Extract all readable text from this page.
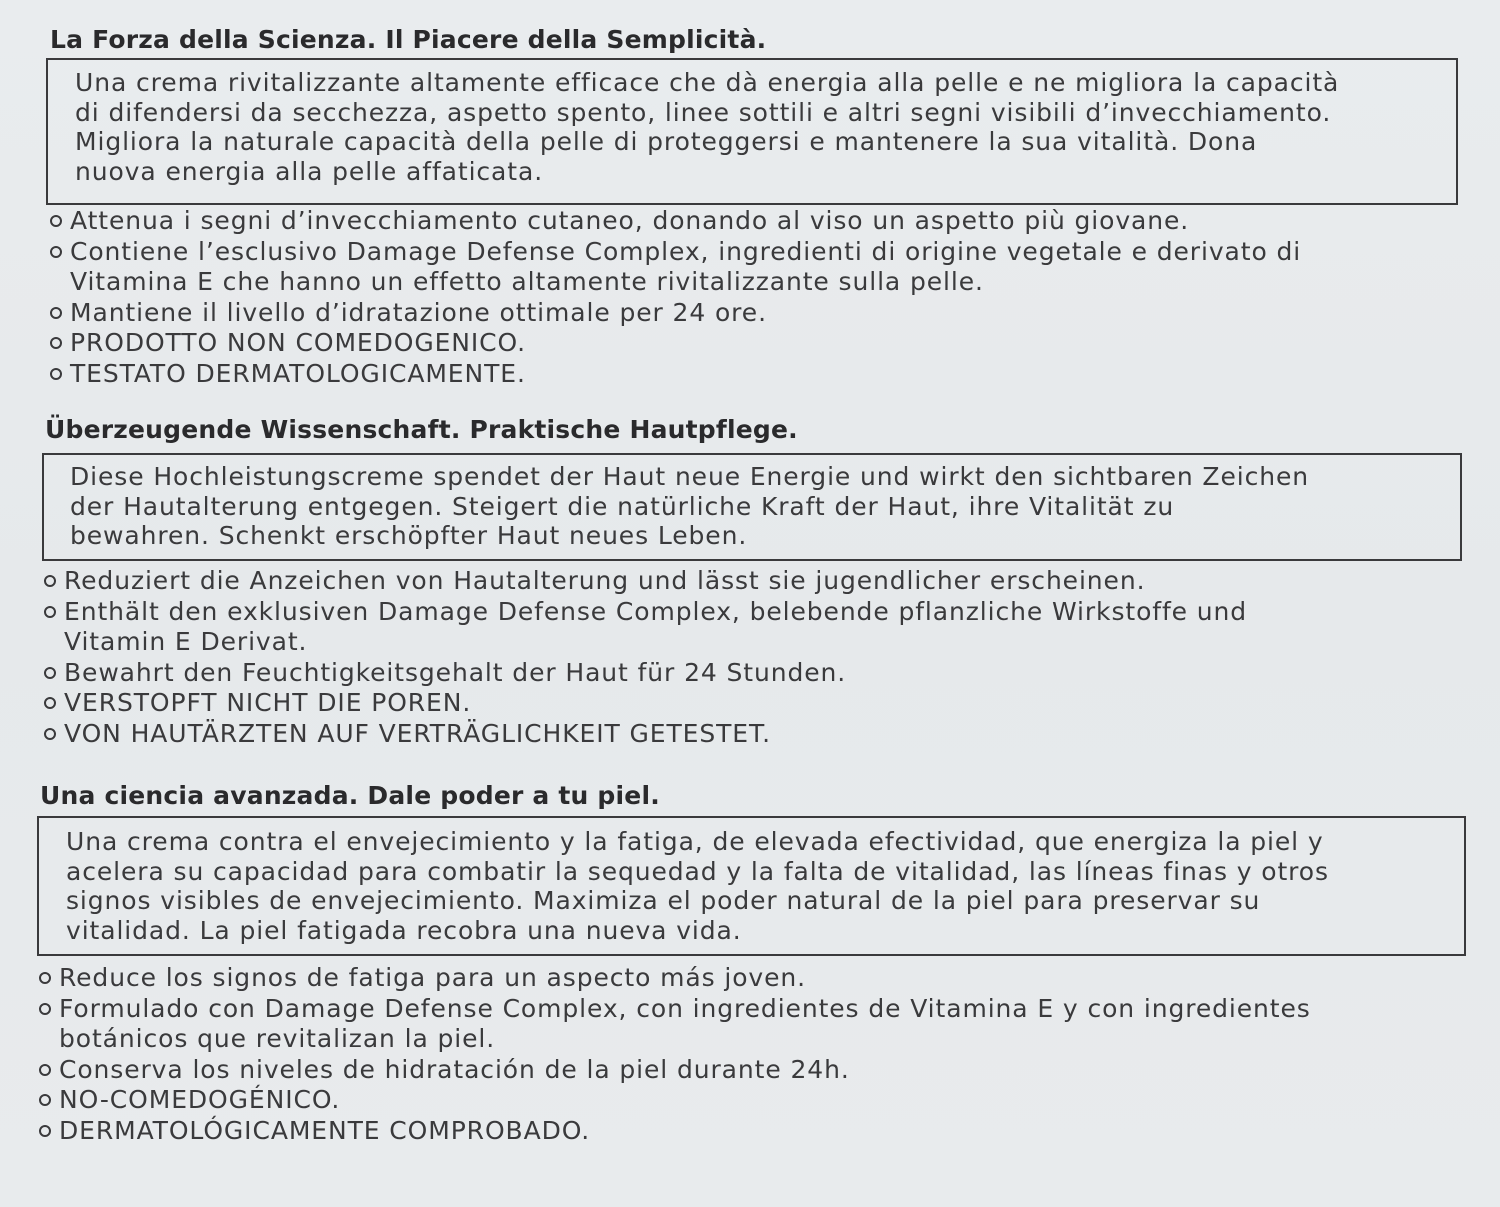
La Forza della Scienza. Il Piacere della Semplicità.
Una crema rivitalizzante altamente efficace che dà energia alla pelle e ne migliora la capacità
di difendersi da secchezza, aspetto spento, linee sottili e altri segni visibili d’invecchiamento.
Migliora la naturale capacità della pelle di proteggersi e mantenere la sua vitalità. Dona
nuova energia alla pelle affaticata.
Attenua i segni d’invecchiamento cutaneo, donando al viso un aspetto più giovane.
Contiene l’esclusivo Damage Defense Complex, ingredienti di origine vegetale e derivato di
Vitamina E che hanno un effetto altamente rivitalizzante sulla pelle.
Mantiene il livello d’idratazione ottimale per 24 ore.
PRODOTTO NON COMEDOGENICO.
TESTATO DERMATOLOGICAMENTE.
Überzeugende Wissenschaft. Praktische Hautpflege.
Diese Hochleistungscreme spendet der Haut neue Energie und wirkt den sichtbaren Zeichen
der Hautalterung entgegen. Steigert die natürliche Kraft der Haut, ihre Vitalität zu
bewahren. Schenkt erschöpfter Haut neues Leben.
Reduziert die Anzeichen von Hautalterung und lässt sie jugendlicher erscheinen.
Enthält den exklusiven Damage Defense Complex, belebende pflanzliche Wirkstoffe und
Vitamin E Derivat.
Bewahrt den Feuchtigkeitsgehalt der Haut für 24 Stunden.
VERSTOPFT NICHT DIE POREN.
VON HAUTÄRZTEN AUF VERTRÄGLICHKEIT GETESTET.
Una ciencia avanzada. Dale poder a tu piel.
Una crema contra el envejecimiento y la fatiga, de elevada efectividad, que energiza la piel y
acelera su capacidad para combatir la sequedad y la falta de vitalidad, las líneas finas y otros
signos visibles de envejecimiento. Maximiza el poder natural de la piel para preservar su
vitalidad. La piel fatigada recobra una nueva vida.
Reduce los signos de fatiga para un aspecto más joven.
Formulado con Damage Defense Complex, con ingredientes de Vitamina E y con ingredientes
botánicos que revitalizan la piel.
Conserva los niveles de hidratación de la piel durante 24h.
NO-COMEDOGÉNICO.
DERMATOLÓGICAMENTE COMPROBADO.
